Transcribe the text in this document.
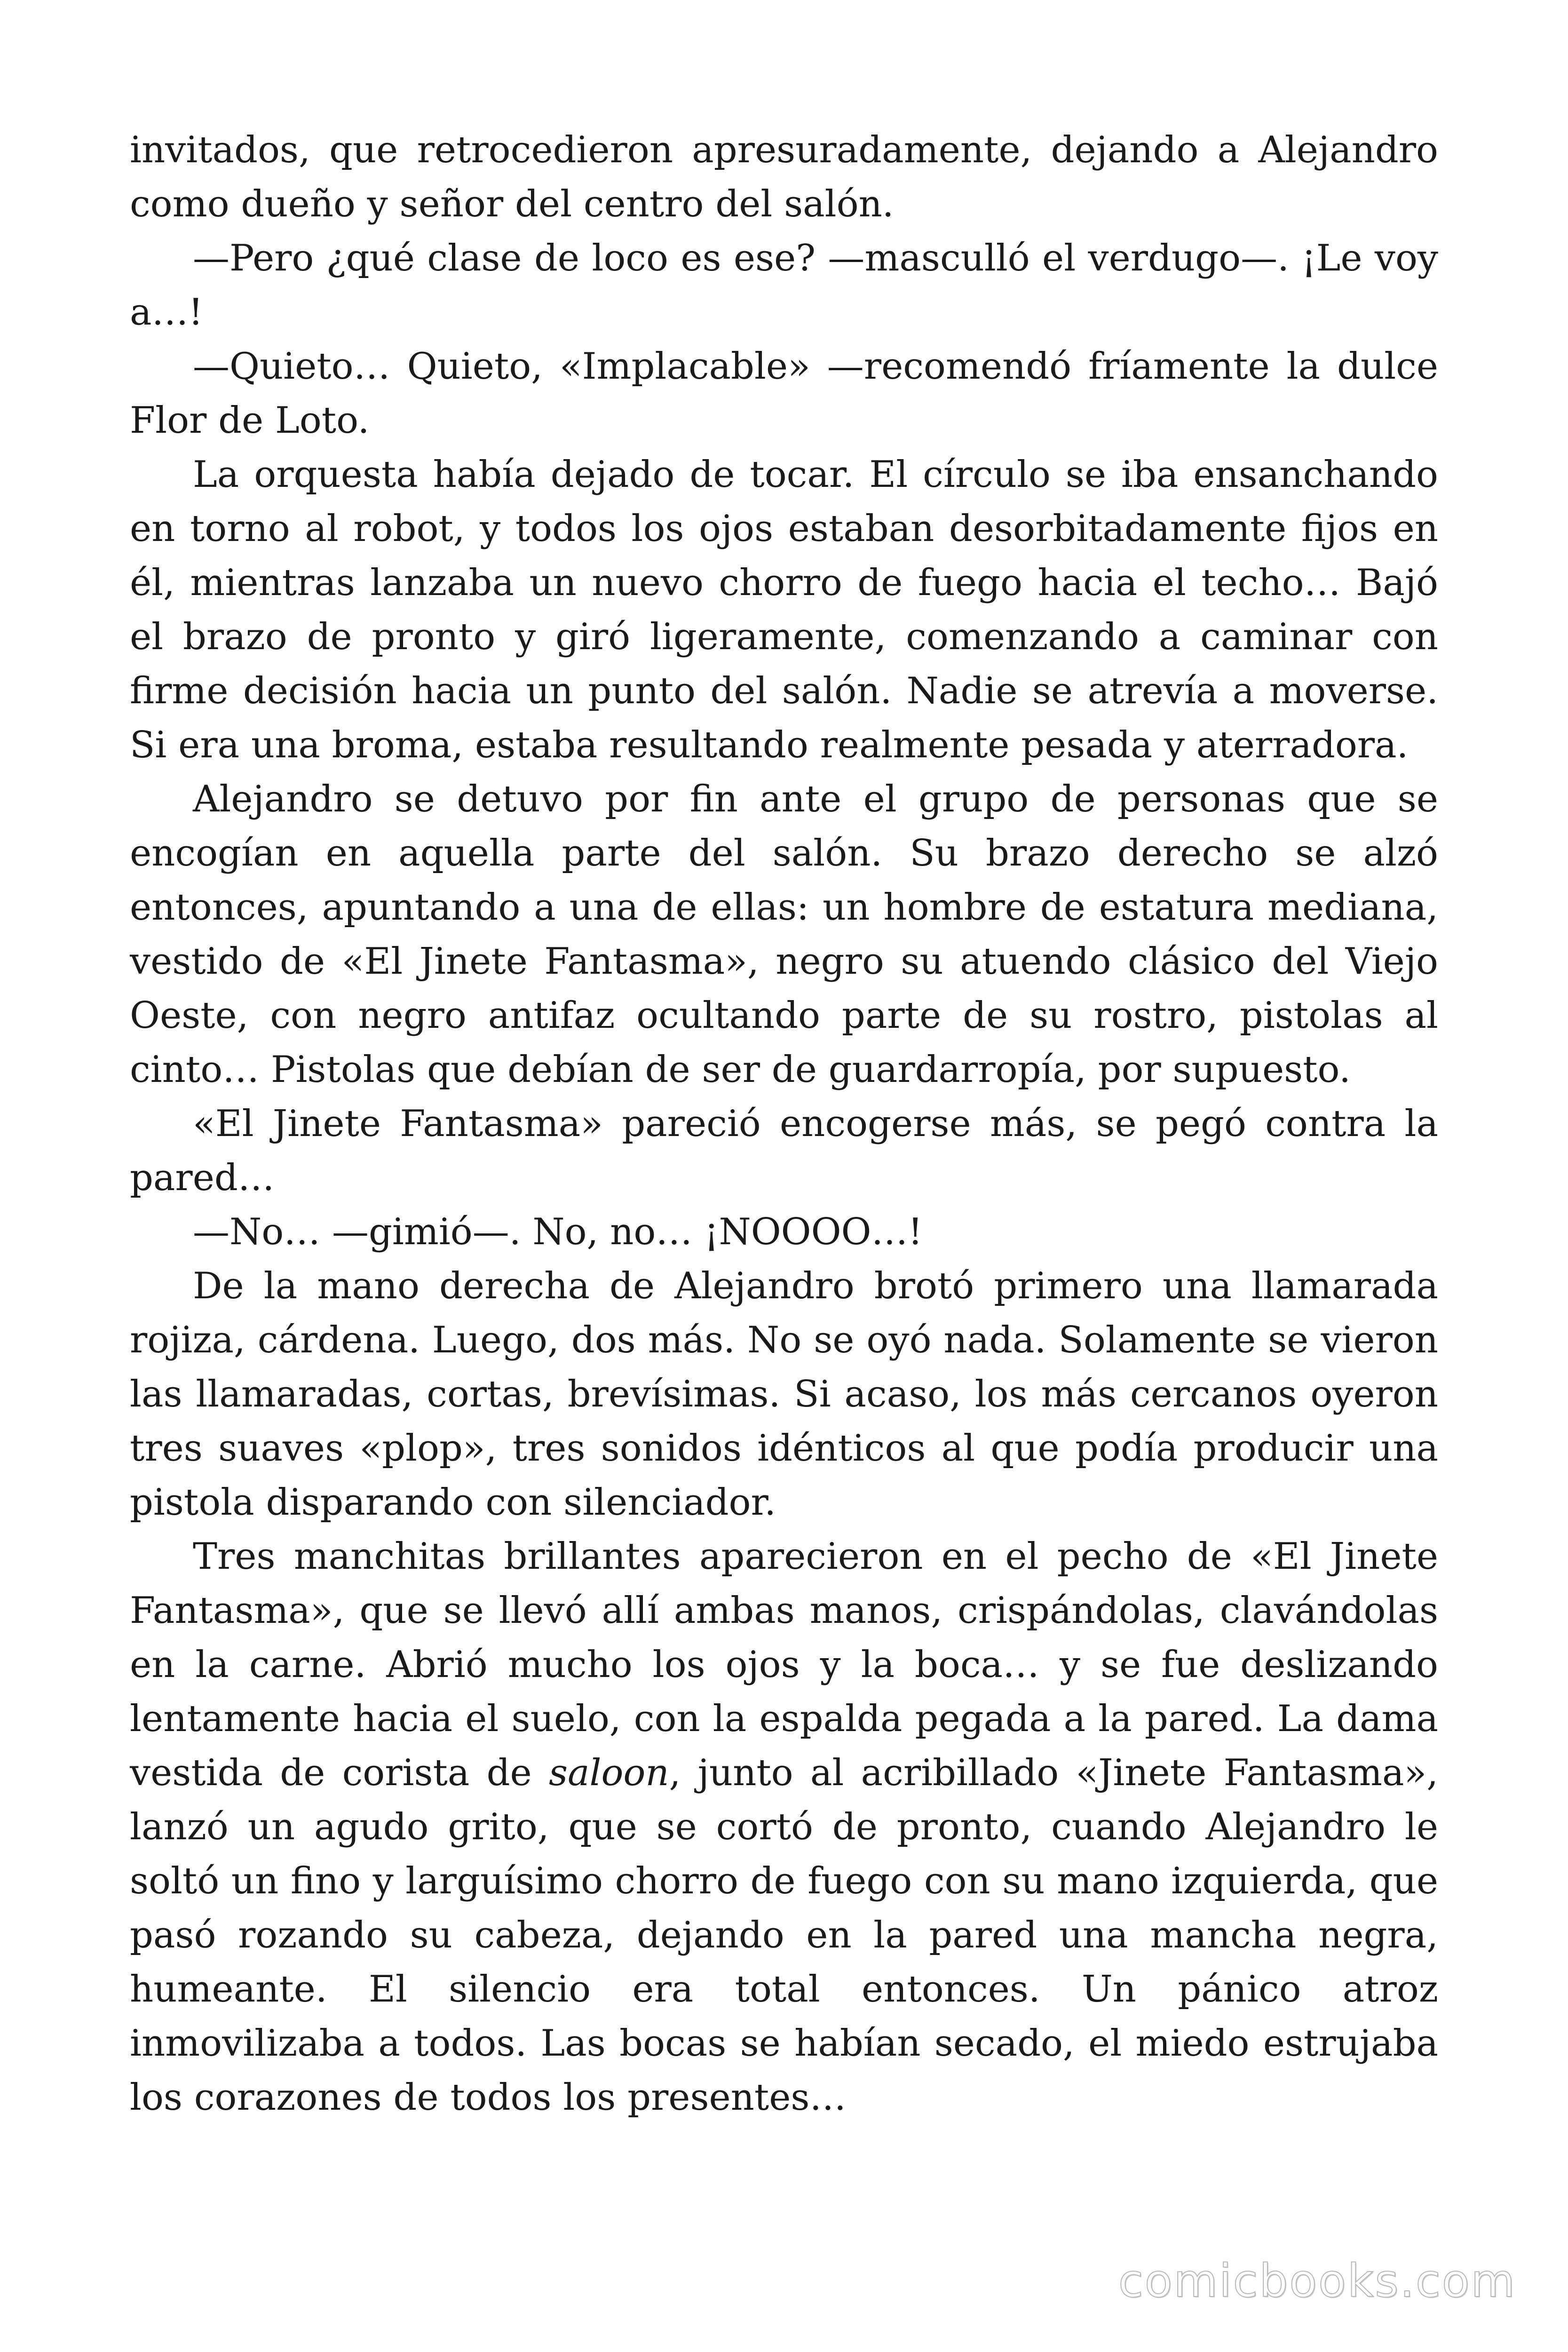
invitados, que retrocedieron apresuradamente, dejando a Alejandro como dueño y señor del centro del salón.

—Pero ¿qué clase de loco es ese? —masculló el verdugo—. ¡Le voy a…!

—Quieto… Quieto, «Implacable» —recomendó fríamente la dulce Flor de Loto.

La orquesta había dejado de tocar. El círculo se iba ensanchando en torno al robot, y todos los ojos estaban desorbitadamente fijos en él, mientras lanzaba un nuevo chorro de fuego hacia el techo… Bajó el brazo de pronto y giró ligeramente, comenzando a caminar con firme decisión hacia un punto del salón. Nadie se atrevía a moverse. Si era una broma, estaba resultando realmente pesada y aterradora.

Alejandro se detuvo por fin ante el grupo de personas que se encogían en aquella parte del salón. Su brazo derecho se alzó entonces, apuntando a una de ellas: un hombre de estatura mediana, vestido de «El Jinete Fantasma», negro su atuendo clásico del Viejo Oeste, con negro antifaz ocultando parte de su rostro, pistolas al cinto… Pistolas que debían de ser de guardarropía, por supuesto.

«El Jinete Fantasma» pareció encogerse más, se pegó contra la pared…

—No… —gimió—. No, no… ¡NOOOO…!

De la mano derecha de Alejandro brotó primero una llamarada rojiza, cárdena. Luego, dos más. No se oyó nada. Solamente se vieron las llamaradas, cortas, brevísimas. Si acaso, los más cercanos oyeron tres suaves «plop», tres sonidos idénticos al que podía producir una pistola disparando con silenciador.

Tres manchitas brillantes aparecieron en el pecho de «El Jinete Fantasma», que se llevó allí ambas manos, crispándolas, clavándolas en la carne. Abrió mucho los ojos y la boca… y se fue deslizando lentamente hacia el suelo, con la espalda pegada a la pared. La dama vestida de corista de saloon, junto al acribillado «Jinete Fantasma», lanzó un agudo grito, que se cortó de pronto, cuando Alejandro le soltó un fino y larguísimo chorro de fuego con su mano izquierda, que pasó rozando su cabeza, dejando en la pared una mancha negra, humeante. El silencio era total entonces. Un pánico atroz inmovilizaba a todos. Las bocas se habían secado, el miedo estrujaba los corazones de todos los presentes…

comicbooks.com
